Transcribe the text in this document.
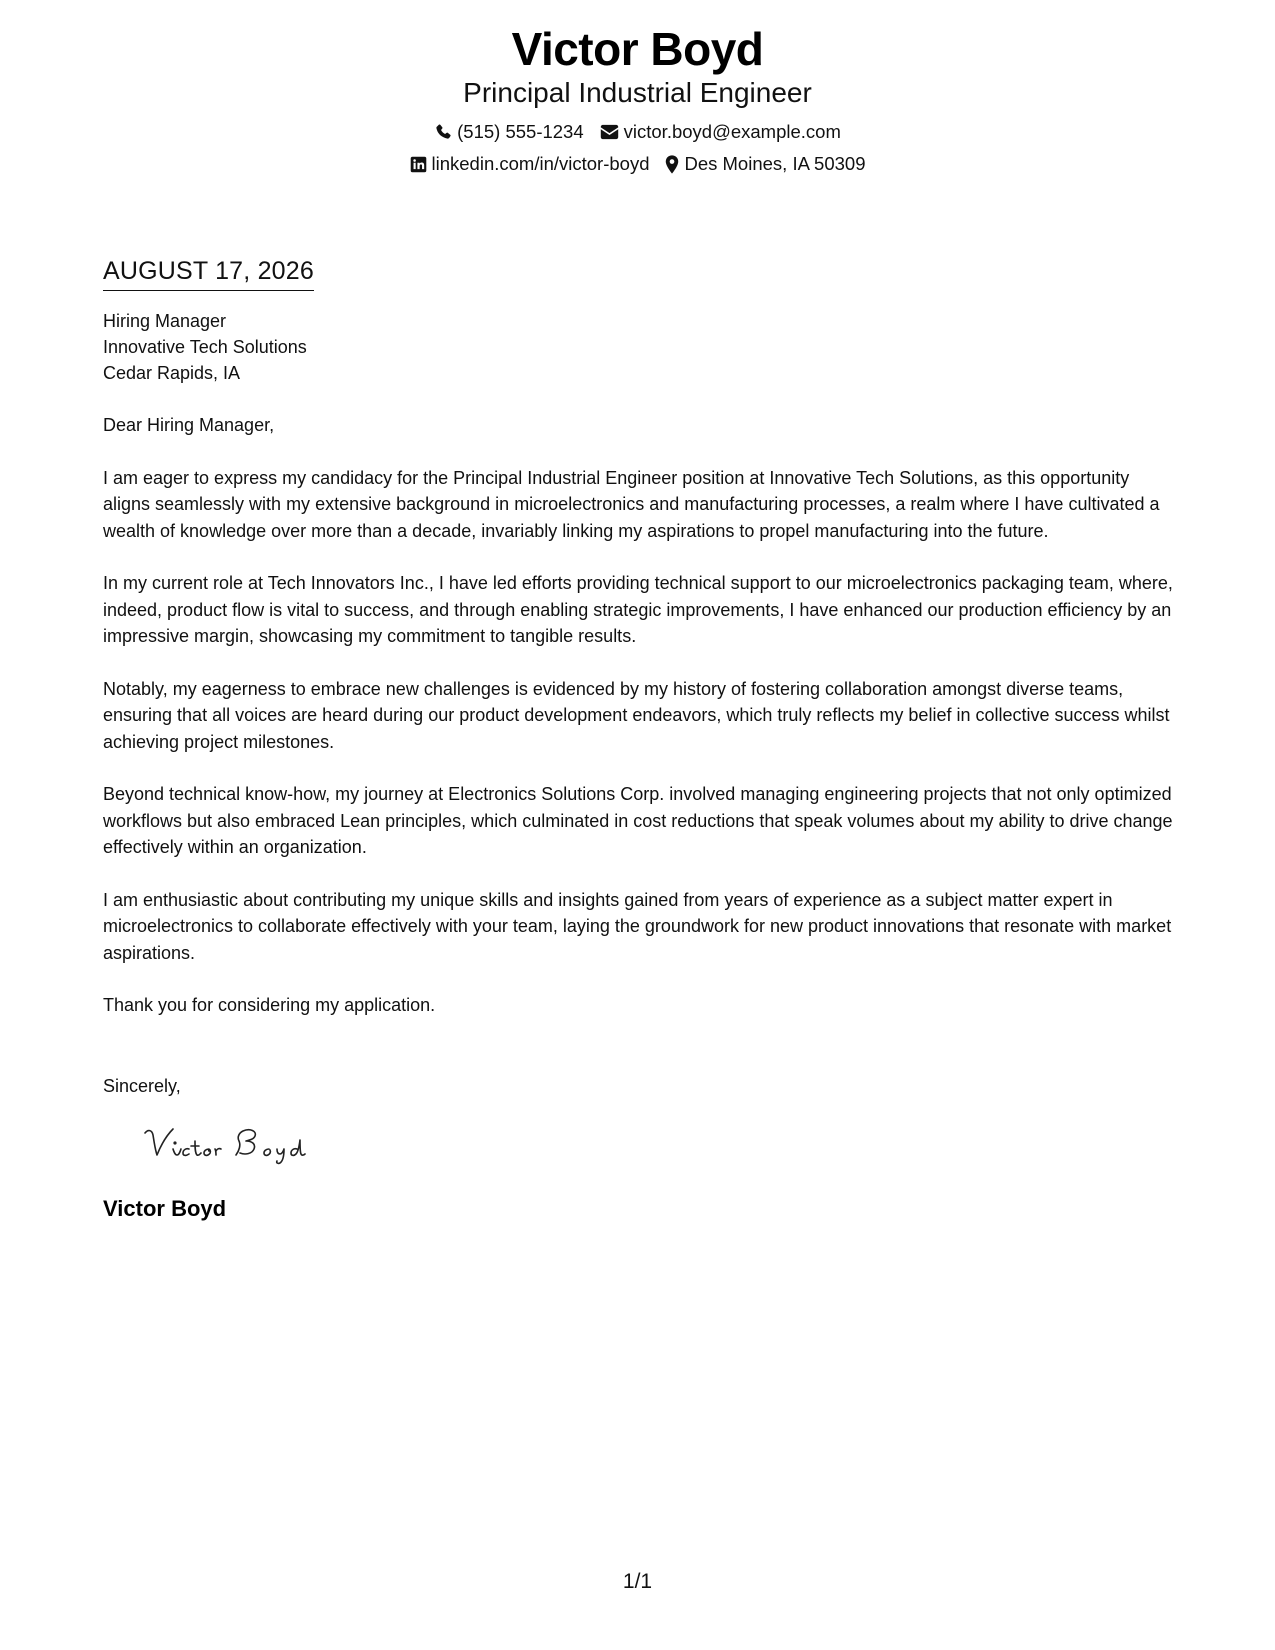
Victor Boyd
Principal Industrial Engineer
(515) 555-1234 victor.boyd@example.com
linkedin.com/in/victor-boyd Des Moines, IA 50309
AUGUST 17, 2026
Hiring Manager
Innovative Tech Solutions
Cedar Rapids, IA
Dear Hiring Manager,
I am eager to express my candidacy for the Principal Industrial Engineer position at Innovative Tech Solutions, as this opportunity aligns seamlessly with my extensive background in microelectronics and manufacturing processes, a realm where I have cultivated a wealth of knowledge over more than a decade, invariably linking my aspirations to propel manufacturing into the future.
In my current role at Tech Innovators Inc., I have led efforts providing technical support to our microelectronics packaging team, where, indeed, product flow is vital to success, and through enabling strategic improvements, I have enhanced our production efficiency by an impressive margin, showcasing my commitment to tangible results.
Notably, my eagerness to embrace new challenges is evidenced by my history of fostering collaboration amongst diverse teams, ensuring that all voices are heard during our product development endeavors, which truly reflects my belief in collective success whilst achieving project milestones.
Beyond technical know-how, my journey at Electronics Solutions Corp. involved managing engineering projects that not only optimized workflows but also embraced Lean principles, which culminated in cost reductions that speak volumes about my ability to drive change effectively within an organization.
I am enthusiastic about contributing my unique skills and insights gained from years of experience as a subject matter expert in microelectronics to collaborate effectively with your team, laying the groundwork for new product innovations that resonate with market aspirations.
Thank you for considering my application.
Sincerely,
Victor Boyd
1/1
